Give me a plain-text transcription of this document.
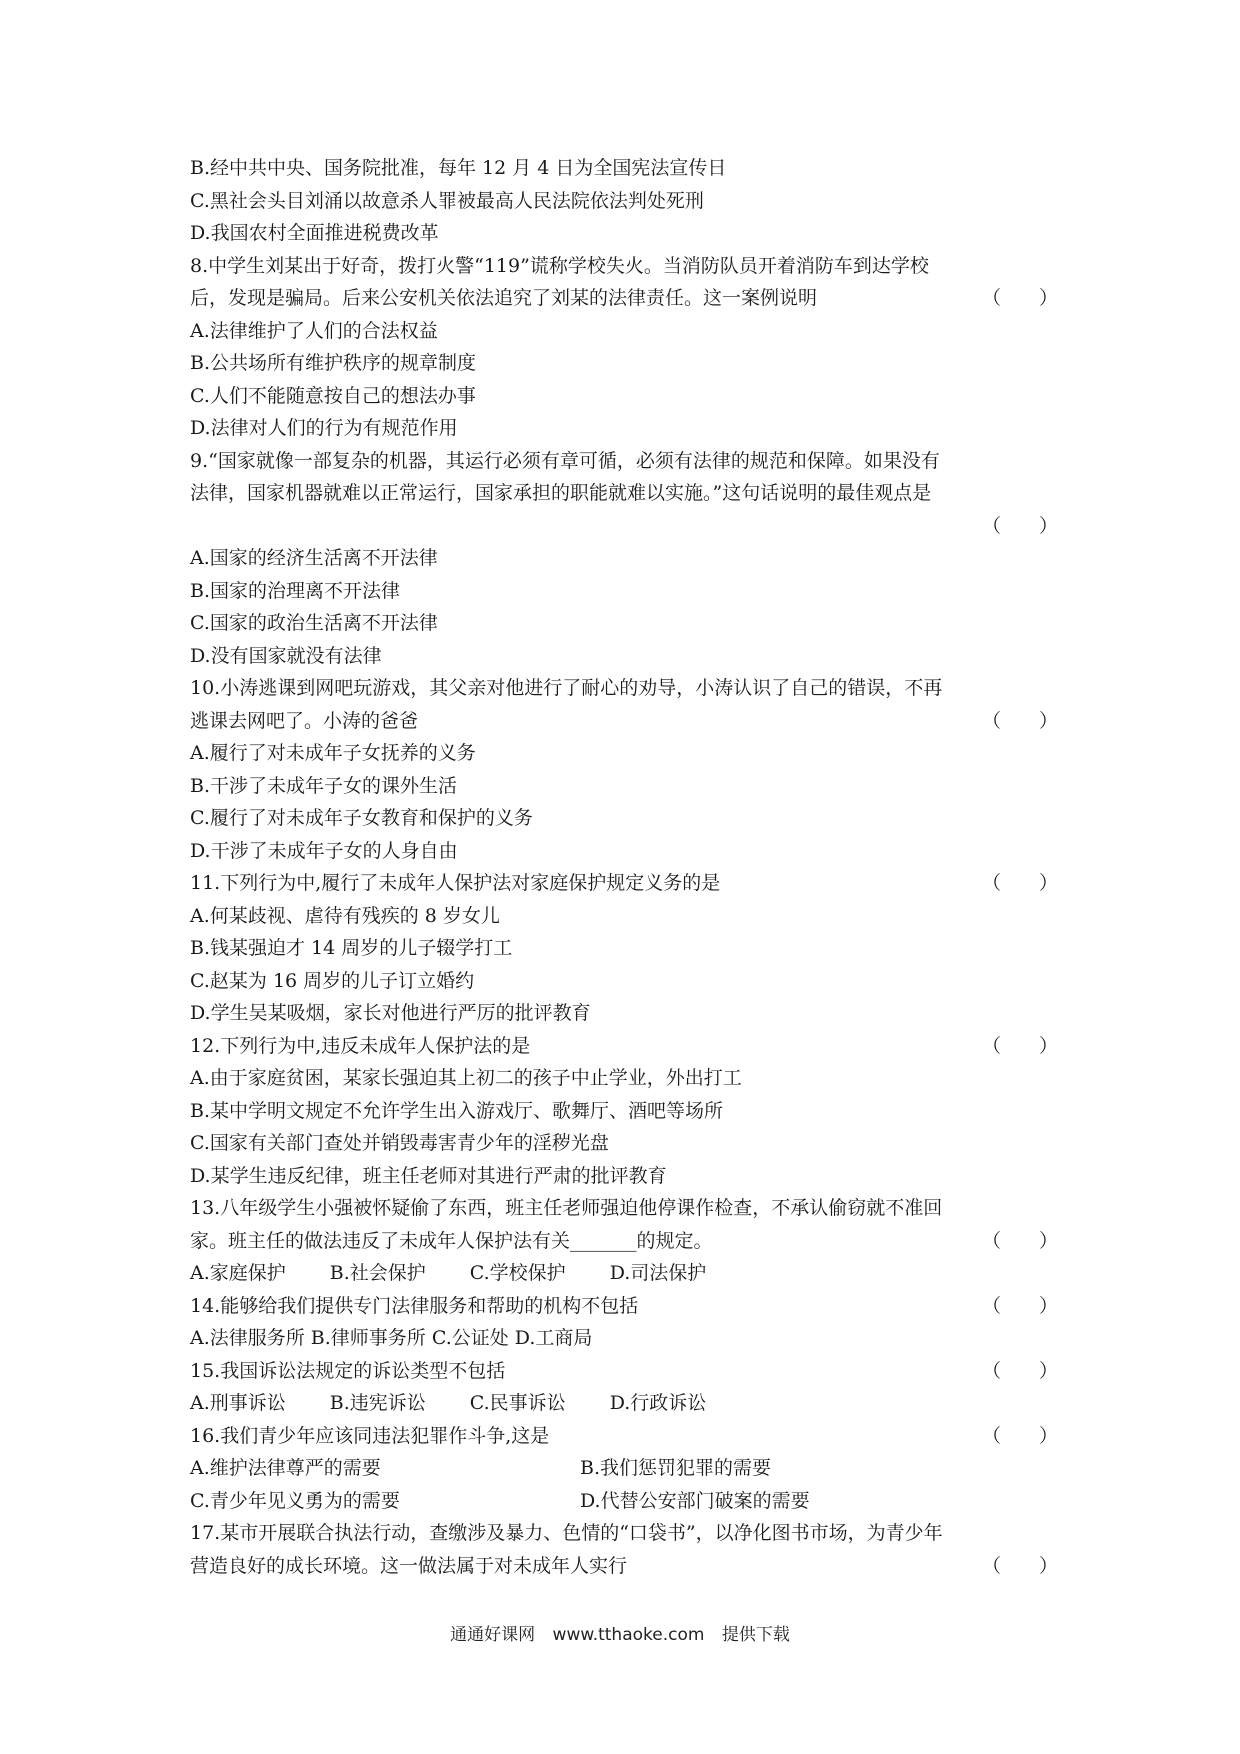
B.经中共中央、国务院批准，每年 12 月 4 日为全国宪法宣传日
C.黑社会头目刘涌以故意杀人罪被最高人民法院依法判处死刑
D.我国农村全面推进税费改革
8.中学生刘某出于好奇，拨打火警“119”谎称学校失火。当消防队员开着消防车到达学校
后，发现是骗局。后来公安机关依法追究了刘某的法律责任。这一案例说明	（　　）
A.法律维护了人们的合法权益
B.公共场所有维护秩序的规章制度
C.人们不能随意按自己的想法办事
D.法律对人们的行为有规范作用
9.“国家就像一部复杂的机器，其运行必须有章可循，必须有法律的规范和保障。如果没有
法律，国家机器就难以正常运行，国家承担的职能就难以实施。”这句话说明的最佳观点是
（　　）
A.国家的经济生活离不开法律
B.国家的治理离不开法律
C.国家的政治生活离不开法律
D.没有国家就没有法律
10.小涛逃课到网吧玩游戏，其父亲对他进行了耐心的劝导，小涛认识了自己的错误，不再
逃课去网吧了。小涛的爸爸	（　　）
A.履行了对未成年子女抚养的义务
B.干涉了未成年子女的课外生活
C.履行了对未成年子女教育和保护的义务
D.干涉了未成年子女的人身自由
11.下列行为中,履行了未成年人保护法对家庭保护规定义务的是	（　　）
A.何某歧视、虐待有残疾的 8 岁女儿
B.钱某强迫才 14 周岁的儿子辍学打工
C.赵某为 16 周岁的儿子订立婚约
D.学生吴某吸烟，家长对他进行严厉的批评教育
12.下列行为中,违反未成年人保护法的是	（　　）
A.由于家庭贫困，某家长强迫其上初二的孩子中止学业，外出打工
B.某中学明文规定不允许学生出入游戏厅、歌舞厅、酒吧等场所
C.国家有关部门查处并销毁毒害青少年的淫秽光盘
D.某学生违反纪律，班主任老师对其进行严肃的批评教育
13.八年级学生小强被怀疑偷了东西，班主任老师强迫他停课作检查，不承认偷窃就不准回
家。班主任的做法违反了未成年人保护法有关_______的规定。	（　　）
A.家庭保护 B.社会保护 C.学校保护 D.司法保护
14.能够给我们提供专门法律服务和帮助的机构不包括	（　　）
A.法律服务所 B.律师事务所 C.公证处 D.工商局
15.我国诉讼法规定的诉讼类型不包括	（　　）
A.刑事诉讼 B.违宪诉讼 C.民事诉讼 D.行政诉讼
16.我们青少年应该同违法犯罪作斗争,这是	（　　）
A.维护法律尊严的需要	B.我们惩罚犯罪的需要
C.青少年见义勇为的需要	D.代替公安部门破案的需要
17.某市开展联合执法行动，查缴涉及暴力、色情的“口袋书”，以净化图书市场，为青少年
营造良好的成长环境。这一做法属于对未成年人实行	（　　）
通通好课网 www.tthaoke.com 提供下载
